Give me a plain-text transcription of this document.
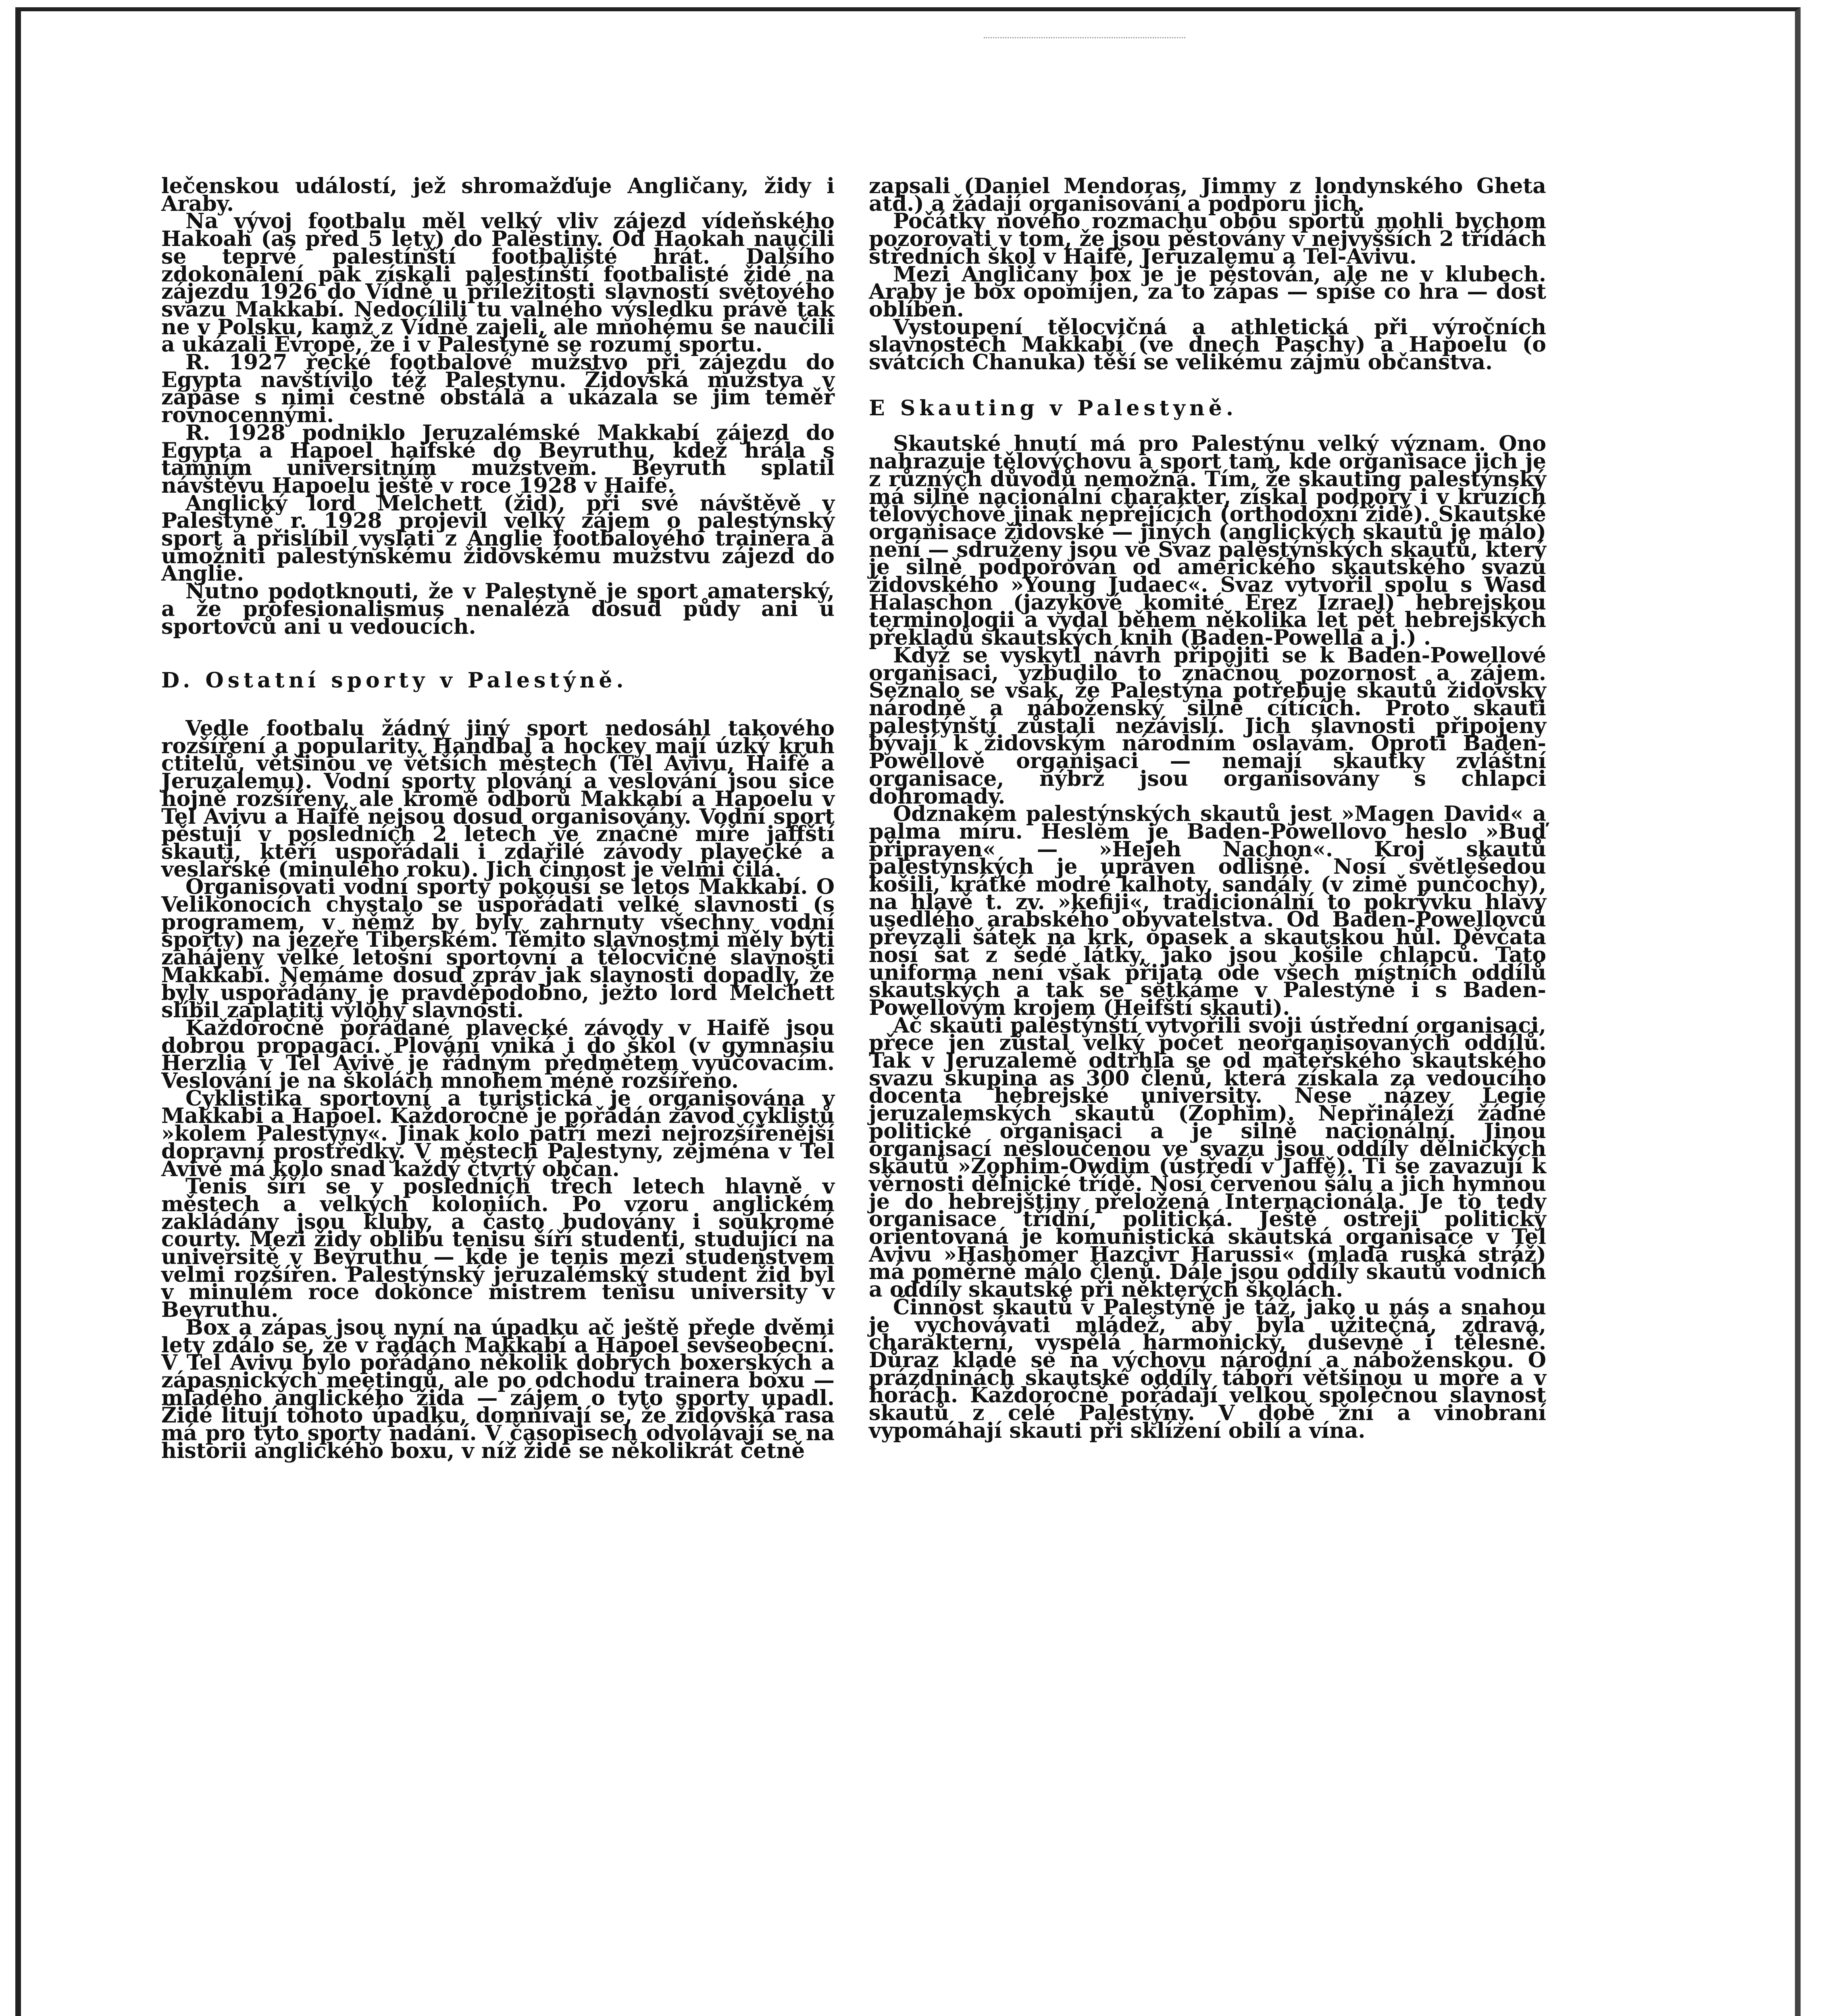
lečenskou událostí, jež shromažďuje Angličany, židy i Araby.

Na vývoj footbalu měl velký vliv zájezd vídeňského Hakoah (as před 5 lety) do Palestiny. Od Haokah naučili se teprvé palestínští footbalisté hrát. Dalšího zdokonalení pak získali palestínští footbalisté židé na zájezdu 1926 do Vídně u příležitosti slavností světového svazu Makkabí. Nedocílili tu valného výsledku právě tak ne v Polsku, kamž z Vídně zajeli, ale mnohému se naučili a ukázali Evropě, že i v Palestyně se rozumí sportu.

R. 1927 řecké footbalové mužstvo při zájezdu do Egypta navštívilo též Palestynu. Židovská mužstva v zápase s nimi čestně obstála a ukázala se jim téměř rovnocennými.

R. 1928 podniklo Jeruzalémské Makkabí zájezd do Egypta a Hapoel haifské do Beyruthu, kdež hrála s tamním universitním mužstvem. Beyruth splatil návštěvu Hapoelu ještě v roce 1928 v Haife.

Anglický lord Melchett (žid), při své návštěvě v Palestyně r. 1928 projevil velký zájem o palestýnský sport a přislíbil vyslati z Anglie footbalového trainera a umožniti palestýnskému židovskému mužstvu zájezd do Anglie.

Nutno podotknouti, že v Palestyně je sport amaterský, a že profesionalismus nenalézá dosud půdy ani u sportovců ani u vedoucích.

D. Ostatní sporty v Palestýně.

Vedle footbalu žádný jiný sport nedosáhl takového rozšíření a popularity. Handbal a hockey mají úzký kruh ctitelů, většinou ve větších městech (Tel Avivu, Haifě a Jeruzalemu). Vodní sporty plování a veslování jsou sice hojně rozšířeny, ale kromě odborů Makkabí a Hapoelu v Tel Avivu a Haifě nejsou dosud organisovány. Vodní sport pěstují v posledních 2 letech ve značné míře jaffští skauti, kteří uspořádali i zdařilé závody plavecké a veslařské (minulého roku). Jich činnost je velmi čilá.

Organisovati vodní sporty pokouší se letos Makkabí. O Velikonocích chystalo se uspořádati velké slavnosti (s programem, v němž by byly zahrnuty všechny vodní sporty) na jezeře Tiberském. Těmito slavnostmi měly býti zahájeny velké letošní sportovní a tělocvičné slavnosti Makkabí. Nemáme dosud zpráv jak slavnosti dopadly, že byly uspořádány je pravděpodobno, ježto lord Melchett slíbil zaplatiti výlohy slavnosti.

Každoročně pořádané plavecké závody v Haifě jsou dobrou propagací. Plování vniká i do škol (v gymnasiu Herzlia v Tel Avivě je řádným předmětem vyučovacím. Veslování je na školách mnohem méně rozšířeno.

Cyklistika sportovní a turistická je organisována v Makkabi a Hapoel. Každoročně je pořádán závod cyklistů »kolem Palestýny«. Jinak kolo patří mezi nejrozšířenější dopravní prostředky. V městech Palestyny, zejména v Tel Avivě má kolo snad každý čtvrtý občan.

Tenis šíří se v posledních třech letech hlavně v městech a velkých koloniích. Po vzoru anglickém zakládány jsou kluby, a často budovány i soukromé courty. Mezi židy oblibu tenisu šíří studenti, studující na universitě v Beyruthu — kde je tenis mezi studenstvem velmi rozšířen. Palestýnský jeruzalémský student žid byl v minulém roce dokonce mistrem tenisu university v Beyruthu.

Box a zápas jsou nyní na úpadku ač ještě přede dvěmi lety zdálo se, že v řadách Makkabí a Hapoel sevšeobecní. V Tel Avivu bylo pořádáno několik dobrých boxerských a zápasnických meetingů, ale po odchodu trainera boxu — mladého anglického žida — zájem o tyto sporty upadl. Židé litují tohoto úpadku, domnívají se, že židovská rasa má pro tyto sporty nadání. V časopisech odvolávají se na historii anglického boxu, v níž židé se několikrát četně

zapsali (Daniel Mendoras, Jimmy z londynského Gheta atd.) a žádají organisování a podporu jich.

Počátky nového rozmachu obou sportů mohli bychom pozorovati v tom, že jsou pěstovány v nejvyšších 2 třídách středních škol v Haifě, Jeruzalemu a Tel-Avivu.

Mezi Angličany box je je pěstován, ale ne v klubech. Araby je box opomíjen, za to zápas — spíše co hra — dost oblíben.

Vystoupení tělocvičná a athletická při výročních slavnostech Makkabí (ve dnech Paschy) a Hapoelu (o svátcích Chanuka) těší se velikému zájmu občanstva.

E Skauting v Palestyně.

Skautské hnutí má pro Palestýnu velký význam. Ono nahrazuje tělovýchovu a sport tam, kde organisace jich je z různých důvodů nemožná. Tím, že skauting palestýnský má silně nacionální charakter, získal podpory i v kruzích tělovýchově jinak nepřejících (orthodoxní židé). Skautské organisace židovské — jiných (anglických skautů je málo) není — sdruženy jsou ve Svaz palestýnských skautů, který je silně podporován od amerického skautského svazu židovského »Young Judaec«. Svaz vytvořil spolu s Wasd Halaschon (jazykové komité Erez Izrael) hebrejskou terminologii a vydal během několika let pět hebrejských překladů skautských knih (Baden-Powella a j.) .

Když se vyskytl návrh připojiti se k Baden-Powellové organisaci, vzbudilo to značnou pozornost a zájem. Seznalo se však, že Palestýna potřebuje skautů židovsky národně a náboženský silně cítících. Proto skauti palestýnští zůstali nezávislí. Jich slavnosti připojeny bývají k židovským národním oslavám. Oproti Baden-Powellově organisaci — nemají skautky zvláštní organisace, nýbrž jsou organisovány s chlapci dohromady.

Odznakem palestýnských skautů jest »Magen David« a palma míru. Heslem je Baden-Powellovo heslo »Buď připraven« — »Hejeh Nachon«. Kroj skautů palestýnských je upraven odlišně. Nosí světlešedou košili, krátké modré kalhoty, sandály (v zimě punčochy), na hlavě t. zv. »kefiji«, tradicionální to pokrývku hlavy usedlého arabského obyvatelstva. Od Baden-Powellovců převzali šátek na krk, opasek a skautskou hůl. Děvčata nosí šat z šedé látky, jako jsou košile chlapců. Tato uniforma není však přijata ode všech místních oddílů skautských a tak se setkáme v Palestýně i s Baden-Powellovým krojem (Heifští skauti).

Ač skauti palestýnští vytvořili svoji ústřední organisaci, přece jen zůstal velký počet neorganisovaných oddílů. Tak v Jeruzalemě odtrhla se od mateřského skautského svazu skupina as 300 členů, která získala za vedoucího docenta hebrejské university. Nese název Legie jeruzalemských skautů (Zophim). Nepřináleží žádné politické organisaci a je silně nacionální. Jinou organisací nesloučenou ve svazu jsou oddíly dělnických skautů »Zophim-Owdim (ústředí v Jaffě). Ti se zavazují k věrnosti dělnické třídě. Nosí červenou šálu a jich hymnou je do hebrejštiny přeložená Internacionála. Je to tedy organisace třídní, politická. Ještě ostřeji politicky orientovaná je komunistická skautská organisace v Tel Avivu »Hashomer Hazcivr Harussi« (mladá ruská stráž) má poměrně málo členů. Dále jsou oddíly skautů vodních a oddíly skautské při některých školách.

Činnost skautů v Palestýně je táž, jako u nás a snahou je vychovávati mládež, aby byla užitečná, zdravá, charakterní, vyspělá harmonicky, duševně i tělesně. Důraz klade se na výchovu národní a náboženskou. O prázdninách skautské oddíly táboří většinou u moře a v horách. Každoročně pořádají velkou společnou slavnost skautů z celé Palestýny. V době žní a vinobraní vypomáhají skauti při sklízení obilí a vína.
